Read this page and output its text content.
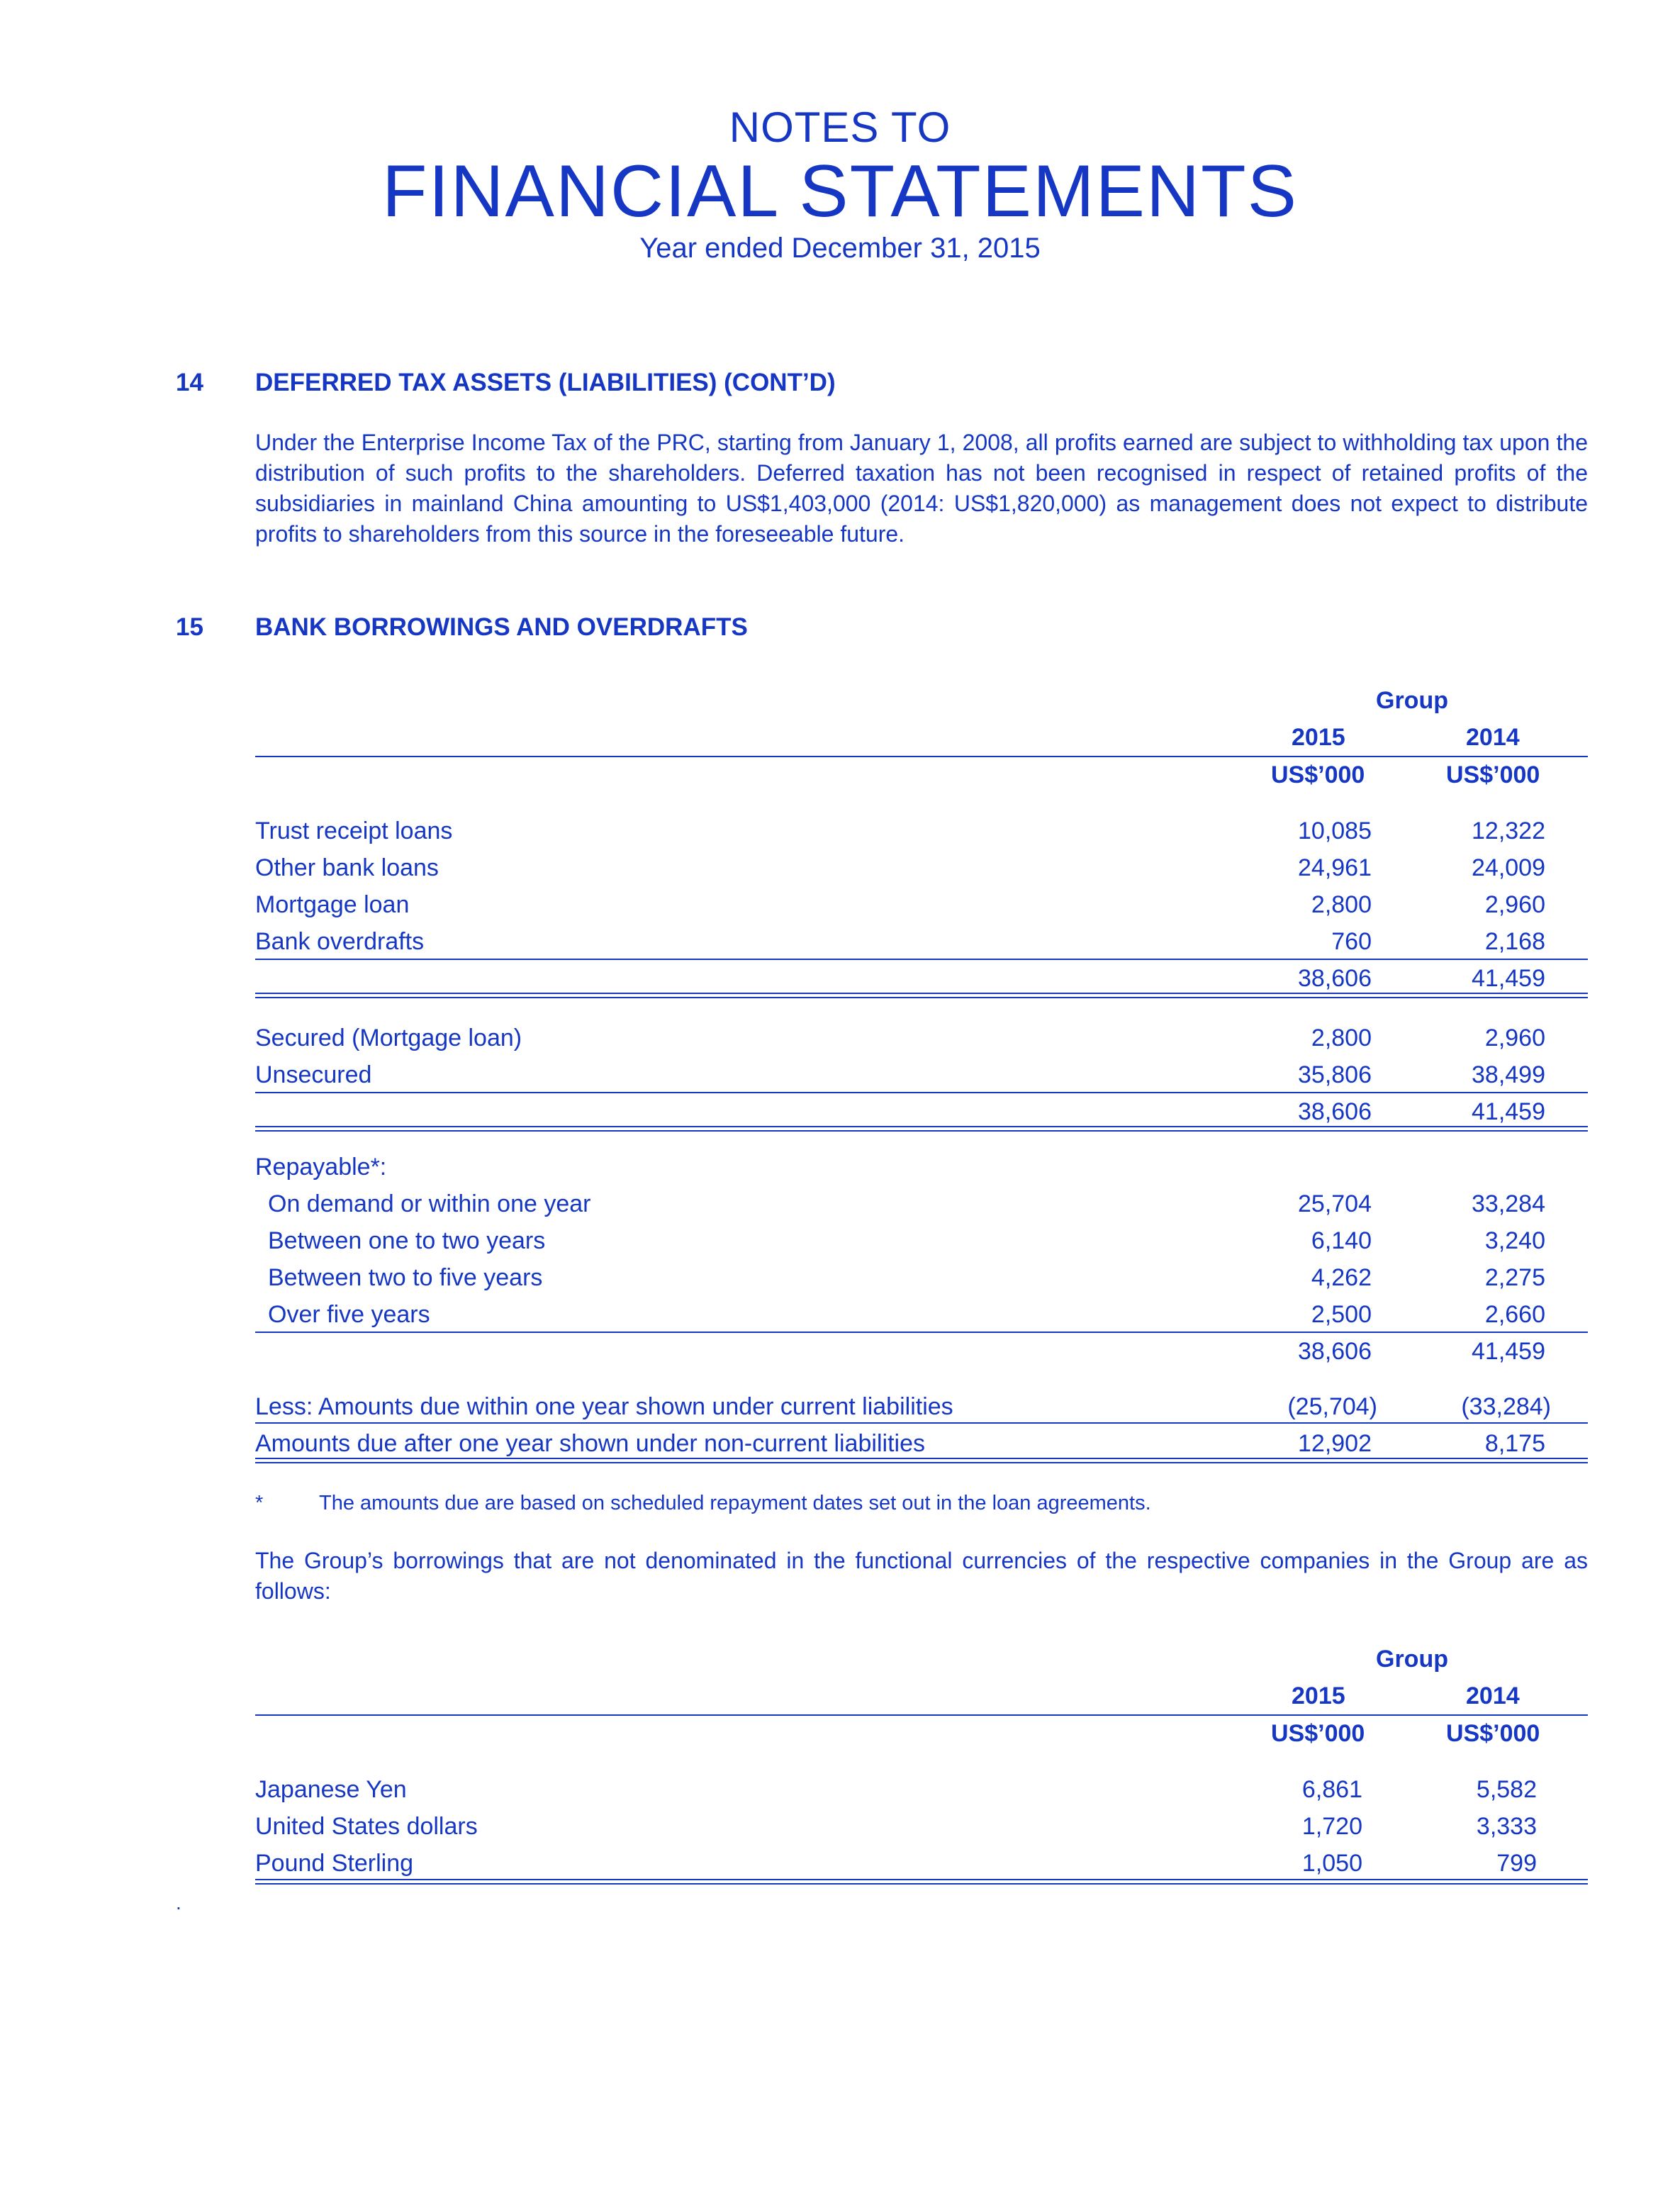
NOTES TO
FINANCIAL STATEMENTS
Year ended December 31, 2015
14 DEFERRED TAX ASSETS (LIABILITIES) (CONT’D)

Under the Enterprise Income Tax of the PRC, starting from January 1, 2008, all profits earned are subject to withholding tax upon the distribution of such profits to the shareholders. Deferred taxation has not been recognised in respect of retained profits of the subsidiaries in mainland China amounting to US$1,403,000 (2014: US$1,820,000) as management does not expect to distribute profits to shareholders from this source in the foreseeable future.

15 BANK BORROWINGS AND OVERDRAFTS
Group
2015	2014
US$’000	US$’000
Trust receipt loans	10,085	12,322
Other bank loans	24,961	24,009
Mortgage loan	2,800	2,960
Bank overdrafts	760	2,168
38,606	41,459
Secured (Mortgage loan)	2,800	2,960
Unsecured	35,806	38,499
38,606	41,459
Repayable*:
On demand or within one year	25,704	33,284
Between one to two years	6,140	3,240
Between two to five years	4,262	2,275
Over five years	2,500	2,660
38,606	41,459
Less: Amounts due within one year shown under current liabilities	(25,704)	(33,284)
Amounts due after one year shown under non-current liabilities	12,902	8,175
*	The amounts due are based on scheduled repayment dates set out in the loan agreements.

The Group’s borrowings that are not denominated in the functional currencies of the respective companies in the Group are as follows:

Group
2015	2014
US$’000	US$’000
Japanese Yen	6,861	5,582
United States dollars	1,720	3,333
Pound Sterling	1,050	799
.
